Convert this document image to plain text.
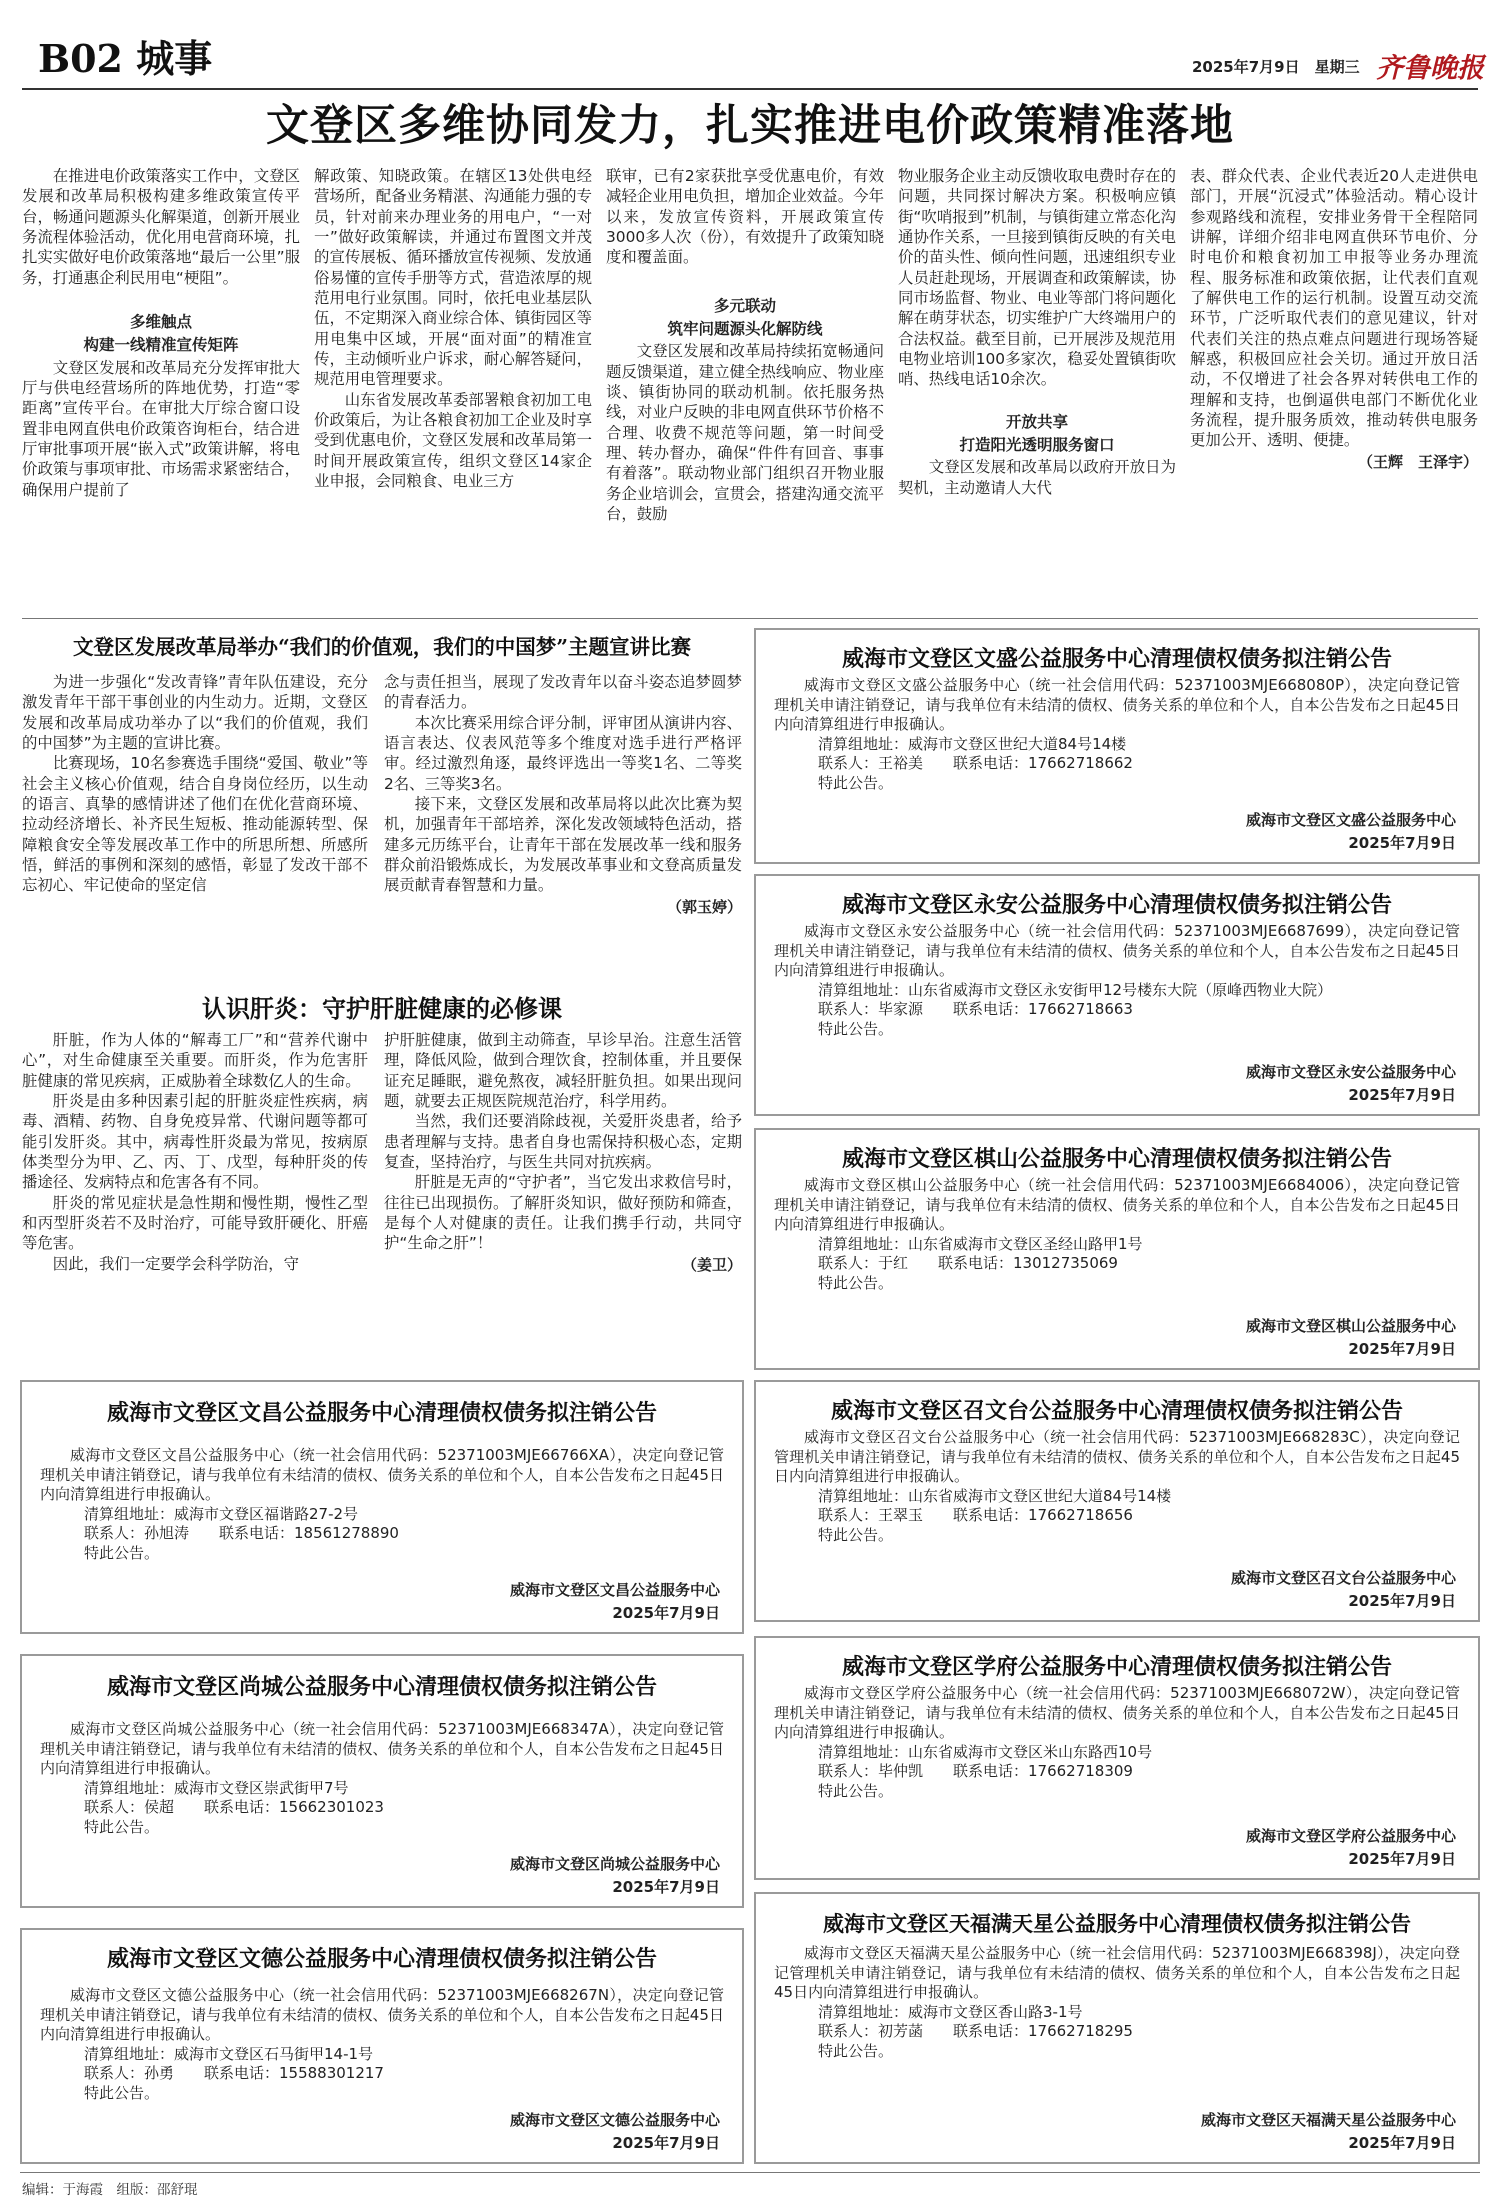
B02 城事	2025年7月9日　 星期三 齐鲁晚报
文登区多维协同发力，扎实推进电价政策精准落地

在推进电价政策落实工作中，文登区发展和改革局积极构建多维政策宣传平台，畅通问题源头化解渠道，创新开展业务流程体验活动，优化用电营商环境，扎扎实实做好电价政策落地“最后一公里”服务，打通惠企利民用电“梗阻”。

多维触点

构建一线精准宣传矩阵

文登区发展和改革局充分发挥审批大厅与供电经营场所的阵地优势，打造“零距离”宣传平台。在审批大厅综合窗口设置非电网直供电价政策咨询柜台，结合进厅审批事项开展“嵌入式”政策讲解，将电价政策与事项审批、市场需求紧密结合，确保用户提前了

解政策、知晓政策。在辖区13处供电经营场所，配备业务精湛、沟通能力强的专员，针对前来办理业务的用电户，“一对一”做好政策解读，并通过布置图文并茂的宣传展板、循环播放宣传视频、发放通俗易懂的宣传手册等方式，营造浓厚的规范用电行业氛围。同时，依托电业基层队伍，不定期深入商业综合体、镇街园区等用电集中区域，开展“面对面”的精准宣传，主动倾听业户诉求，耐心解答疑问，规范用电管理要求。

山东省发展改革委部署粮食初加工电价政策后，为让各粮食初加工企业及时享受到优惠电价，文登区发展和改革局第一时间开展政策宣传，组织文登区14家企业申报，会同粮食、电业三方

联审，已有2家获批享受优惠电价，有效减轻企业用电负担，增加企业效益。今年以来，发放宣传资料，开展政策宣传3000多人次（份），有效提升了政策知晓度和覆盖面。

多元联动

筑牢问题源头化解防线

文登区发展和改革局持续拓宽畅通问题反馈渠道，建立健全热线响应、物业座谈、镇街协同的联动机制。依托服务热线，对业户反映的非电网直供环节价格不合理、收费不规范等问题，第一时间受理、转办督办，确保“件件有回音、事事有着落”。联动物业部门组织召开物业服务企业培训会，宣贯会，搭建沟通交流平台，鼓励

物业服务企业主动反馈收取电费时存在的问题，共同探讨解决方案。积极响应镇街“吹哨报到”机制，与镇街建立常态化沟通协作关系，一旦接到镇街反映的有关电价的苗头性、倾向性问题，迅速组织专业人员赶赴现场，开展调查和政策解读，协同市场监督、物业、电业等部门将问题化解在萌芽状态，切实维护广大终端用户的合法权益。截至目前，已开展涉及规范用电物业培训100多家次，稳妥处置镇街吹哨、热线电话10余次。

开放共享

打造阳光透明服务窗口

文登区发展和改革局以政府开放日为契机，主动邀请人大代

表、群众代表、企业代表近20人走进供电部门，开展“沉浸式”体验活动。精心设计参观路线和流程，安排业务骨干全程陪同讲解，详细介绍非电网直供环节电价、分时电价和粮食初加工申报等业务办理流程、服务标准和政策依据，让代表们直观了解供电工作的运行机制。设置互动交流环节，广泛听取代表们的意见建议，针对代表们关注的热点难点问题进行现场答疑解惑，积极回应社会关切。通过开放日活动，不仅增进了社会各界对转供电工作的理解和支持，也倒逼供电部门不断优化业务流程，提升服务质效，推动转供电服务更加公开、透明、便捷。

（王辉　王泽宇）

文登区发展改革局举办“我们的价值观，我们的中国梦”主题宣讲比赛

为进一步强化“发改青锋”青年队伍建设，充分激发青年干部干事创业的内生动力。近期，文登区发展和改革局成功举办了以“我们的价值观，我们的中国梦”为主题的宣讲比赛。

比赛现场，10名参赛选手围绕“爱国、敬业”等社会主义核心价值观，结合自身岗位经历，以生动的语言、真挚的感情讲述了他们在优化营商环境、拉动经济增长、补齐民生短板、推动能源转型、保障粮食安全等发展改革工作中的所思所想、所感所悟，鲜活的事例和深刻的感悟，彰显了发改干部不忘初心、牢记使命的坚定信

念与责任担当，展现了发改青年以奋斗姿态追梦圆梦的青春活力。

本次比赛采用综合评分制，评审团从演讲内容、语言表达、仪表风范等多个维度对选手进行严格评审。经过激烈角逐，最终评选出一等奖1名、二等奖2名、三等奖3名。

接下来，文登区发展和改革局将以此次比赛为契机，加强青年干部培养，深化发改领域特色活动，搭建多元历练平台，让青年干部在发展改革一线和服务群众前沿锻炼成长，为发展改革事业和文登高质量发展贡献青春智慧和力量。

（郭玉婷）

认识肝炎：守护肝脏健康的必修课

肝脏，作为人体的“解毒工厂”和“营养代谢中心”，对生命健康至关重要。而肝炎，作为危害肝脏健康的常见疾病，正威胁着全球数亿人的生命。

肝炎是由多种因素引起的肝脏炎症性疾病，病毒、酒精、药物、自身免疫异常、代谢问题等都可能引发肝炎。其中，病毒性肝炎最为常见，按病原体类型分为甲、乙、丙、丁、戊型，每种肝炎的传播途径、发病特点和危害各有不同。

肝炎的常见症状是急性期和慢性期，慢性乙型和丙型肝炎若不及时治疗，可能导致肝硬化、肝癌等危害。

因此，我们一定要学会科学防治，守

护肝脏健康，做到主动筛查，早诊早治。注意生活管理，降低风险，做到合理饮食，控制体重，并且要保证充足睡眠，避免熬夜，减轻肝脏负担。如果出现问题，就要去正规医院规范治疗，科学用药。

当然，我们还要消除歧视，关爱肝炎患者，给予患者理解与支持。患者自身也需保持积极心态，定期复查，坚持治疗，与医生共同对抗疾病。

肝脏是无声的“守护者”，当它发出求救信号时，往往已出现损伤。了解肝炎知识，做好预防和筛查，是每个人对健康的责任。让我们携手行动，共同守护“生命之肝”！

（姜卫）

威海市文登区文昌公益服务中心清理债权债务拟注销公告

威海市文登区文昌公益服务中心（统一社会信用代码：52371003MJE66766XA），决定向登记管理机关申请注销登记，请与我单位有未结清的债权、债务关系的单位和个人，自本公告发布之日起45日内向清算组进行申报确认。

清算组地址：威海市文登区福谐路27-2号

联系人：孙旭涛　　联系电话：18561278890

特此公告。

威海市文登区文昌公益服务中心
2025年7月9日
威海市文登区尚城公益服务中心清理债权债务拟注销公告

威海市文登区尚城公益服务中心（统一社会信用代码：52371003MJE668347A），决定向登记管理机关申请注销登记，请与我单位有未结清的债权、债务关系的单位和个人，自本公告发布之日起45日内向清算组进行申报确认。

清算组地址：威海市文登区崇武街甲7号

联系人：侯超　　联系电话：15662301023

特此公告。

威海市文登区尚城公益服务中心
2025年7月9日
威海市文登区文德公益服务中心清理债权债务拟注销公告

威海市文登区文德公益服务中心（统一社会信用代码：52371003MJE668267N），决定向登记管理机关申请注销登记，请与我单位有未结清的债权、债务关系的单位和个人，自本公告发布之日起45日内向清算组进行申报确认。

清算组地址：威海市文登区石马街甲14-1号

联系人：孙勇　　联系电话：15588301217

特此公告。

威海市文登区文德公益服务中心
2025年7月9日
威海市文登区文盛公益服务中心清理债权债务拟注销公告

威海市文登区文盛公益服务中心（统一社会信用代码：52371003MJE668080P），决定向登记管理机关申请注销登记，请与我单位有未结清的债权、债务关系的单位和个人，自本公告发布之日起45日内向清算组进行申报确认。

清算组地址：威海市文登区世纪大道84号14楼

联系人：王裕美　　联系电话：17662718662

特此公告。

威海市文登区文盛公益服务中心
2025年7月9日
威海市文登区永安公益服务中心清理债权债务拟注销公告

威海市文登区永安公益服务中心（统一社会信用代码：52371003MJE6687699），决定向登记管理机关申请注销登记，请与我单位有未结清的债权、债务关系的单位和个人，自本公告发布之日起45日内向清算组进行申报确认。

清算组地址：山东省威海市文登区永安街甲12号楼东大院（原峰西物业大院）

联系人：毕家源　　联系电话：17662718663

特此公告。

威海市文登区永安公益服务中心
2025年7月9日
威海市文登区棋山公益服务中心清理债权债务拟注销公告

威海市文登区棋山公益服务中心（统一社会信用代码：52371003MJE6684006），决定向登记管理机关申请注销登记，请与我单位有未结清的债权、债务关系的单位和个人，自本公告发布之日起45日内向清算组进行申报确认。

清算组地址：山东省威海市文登区圣经山路甲1号

联系人：于红　　联系电话：13012735069

特此公告。

威海市文登区棋山公益服务中心
2025年7月9日
威海市文登区召文台公益服务中心清理债权债务拟注销公告

威海市文登区召文台公益服务中心（统一社会信用代码：52371003MJE668283C），决定向登记管理机关申请注销登记，请与我单位有未结清的债权、债务关系的单位和个人，自本公告发布之日起45日内向清算组进行申报确认。

清算组地址：山东省威海市文登区世纪大道84号14楼

联系人：王翠玉　　联系电话：17662718656

特此公告。

威海市文登区召文台公益服务中心
2025年7月9日
威海市文登区学府公益服务中心清理债权债务拟注销公告

威海市文登区学府公益服务中心（统一社会信用代码：52371003MJE668072W），决定向登记管理机关申请注销登记，请与我单位有未结清的债权、债务关系的单位和个人，自本公告发布之日起45日内向清算组进行申报确认。

清算组地址：山东省威海市文登区米山东路西10号

联系人：毕仲凯　　联系电话：17662718309

特此公告。

威海市文登区学府公益服务中心
2025年7月9日
威海市文登区天福满天星公益服务中心清理债权债务拟注销公告

威海市文登区天福满天星公益服务中心（统一社会信用代码：52371003MJE668398J），决定向登记管理机关申请注销登记，请与我单位有未结清的债权、债务关系的单位和个人，自本公告发布之日起45日内向清算组进行申报确认。

清算组地址：威海市文登区香山路3-1号

联系人：初芳菡　　联系电话：17662718295

特此公告。

威海市文登区天福满天星公益服务中心
2025年7月9日
编辑：于海霞　组版：邵舒琨
